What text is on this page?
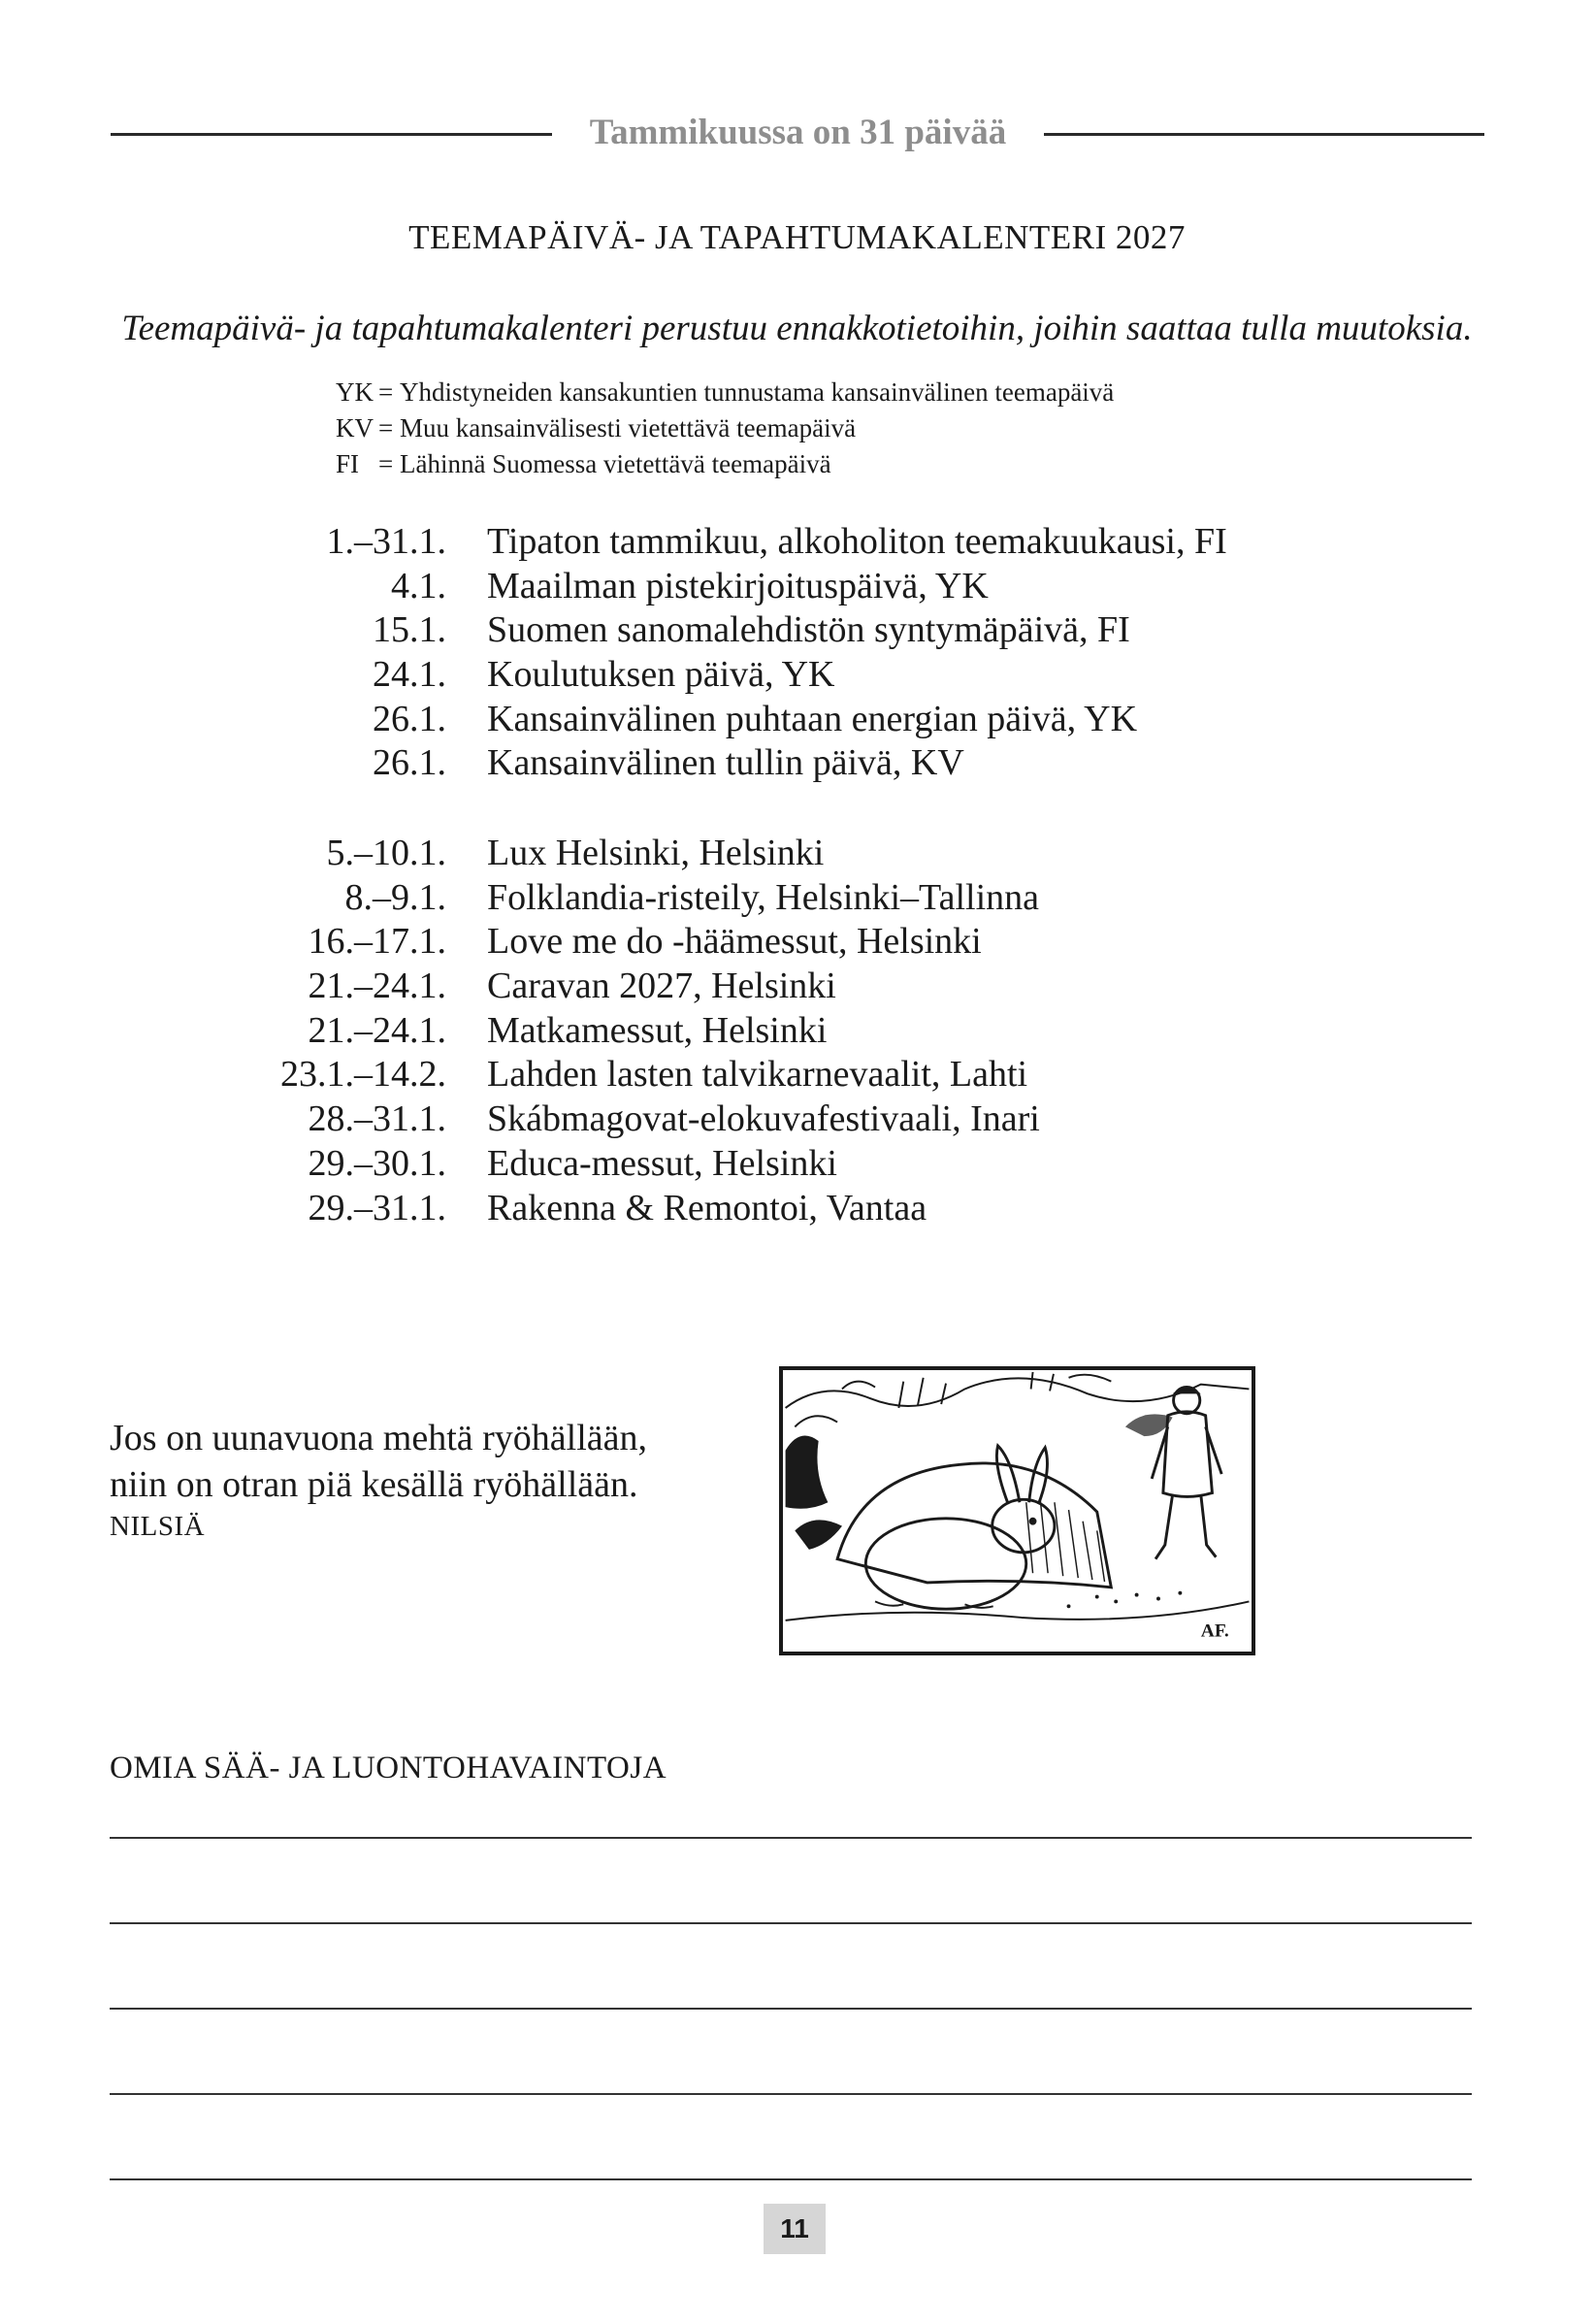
Tammikuussa on 31 päivää
TEEMAPÄIVÄ- JA TAPAHTUMAKALENTERI 2027
Teemapäivä- ja tapahtumakalenteri perustuu ennakkotietoihin, joihin saattaa tulla muutoksia.
YK = Yhdistyneiden kansakuntien tunnustama kansainvälinen teemapäivä
KV = Muu kansainvälisesti vietettävä teemapäivä
FI = Lähinnä Suomessa vietettävä teemapäivä
1.–31.1. Tipaton tammikuu, alkoholiton teemakuukausi, FI
4.1. Maailman pistekirjoituspäivä, YK
15.1. Suomen sanomalehdistön syntymäpäivä, FI
24.1. Koulutuksen päivä, YK
26.1. Kansainvälinen puhtaan energian päivä, YK
26.1. Kansainvälinen tullin päivä, KV
5.–10.1. Lux Helsinki, Helsinki
8.–9.1. Folklandia-risteily, Helsinki–Tallinna
16.–17.1. Love me do -häämessut, Helsinki
21.–24.1. Caravan 2027, Helsinki
21.–24.1. Matkamessut, Helsinki
23.1.–14.2. Lahden lasten talvikarnevaalit, Lahti
28.–31.1. Skábmagovat-elokuvafestivaali, Inari
29.–30.1. Educa-messut, Helsinki
29.–31.1. Rakenna & Remontoi, Vantaa
Jos on uunavuona mehtä ryöhällään,
niin on otran piä kesällä ryöhällään.
NILSIÄ
AF.
OMIA SÄÄ- JA LUONTOHAVAINTOJA
11
